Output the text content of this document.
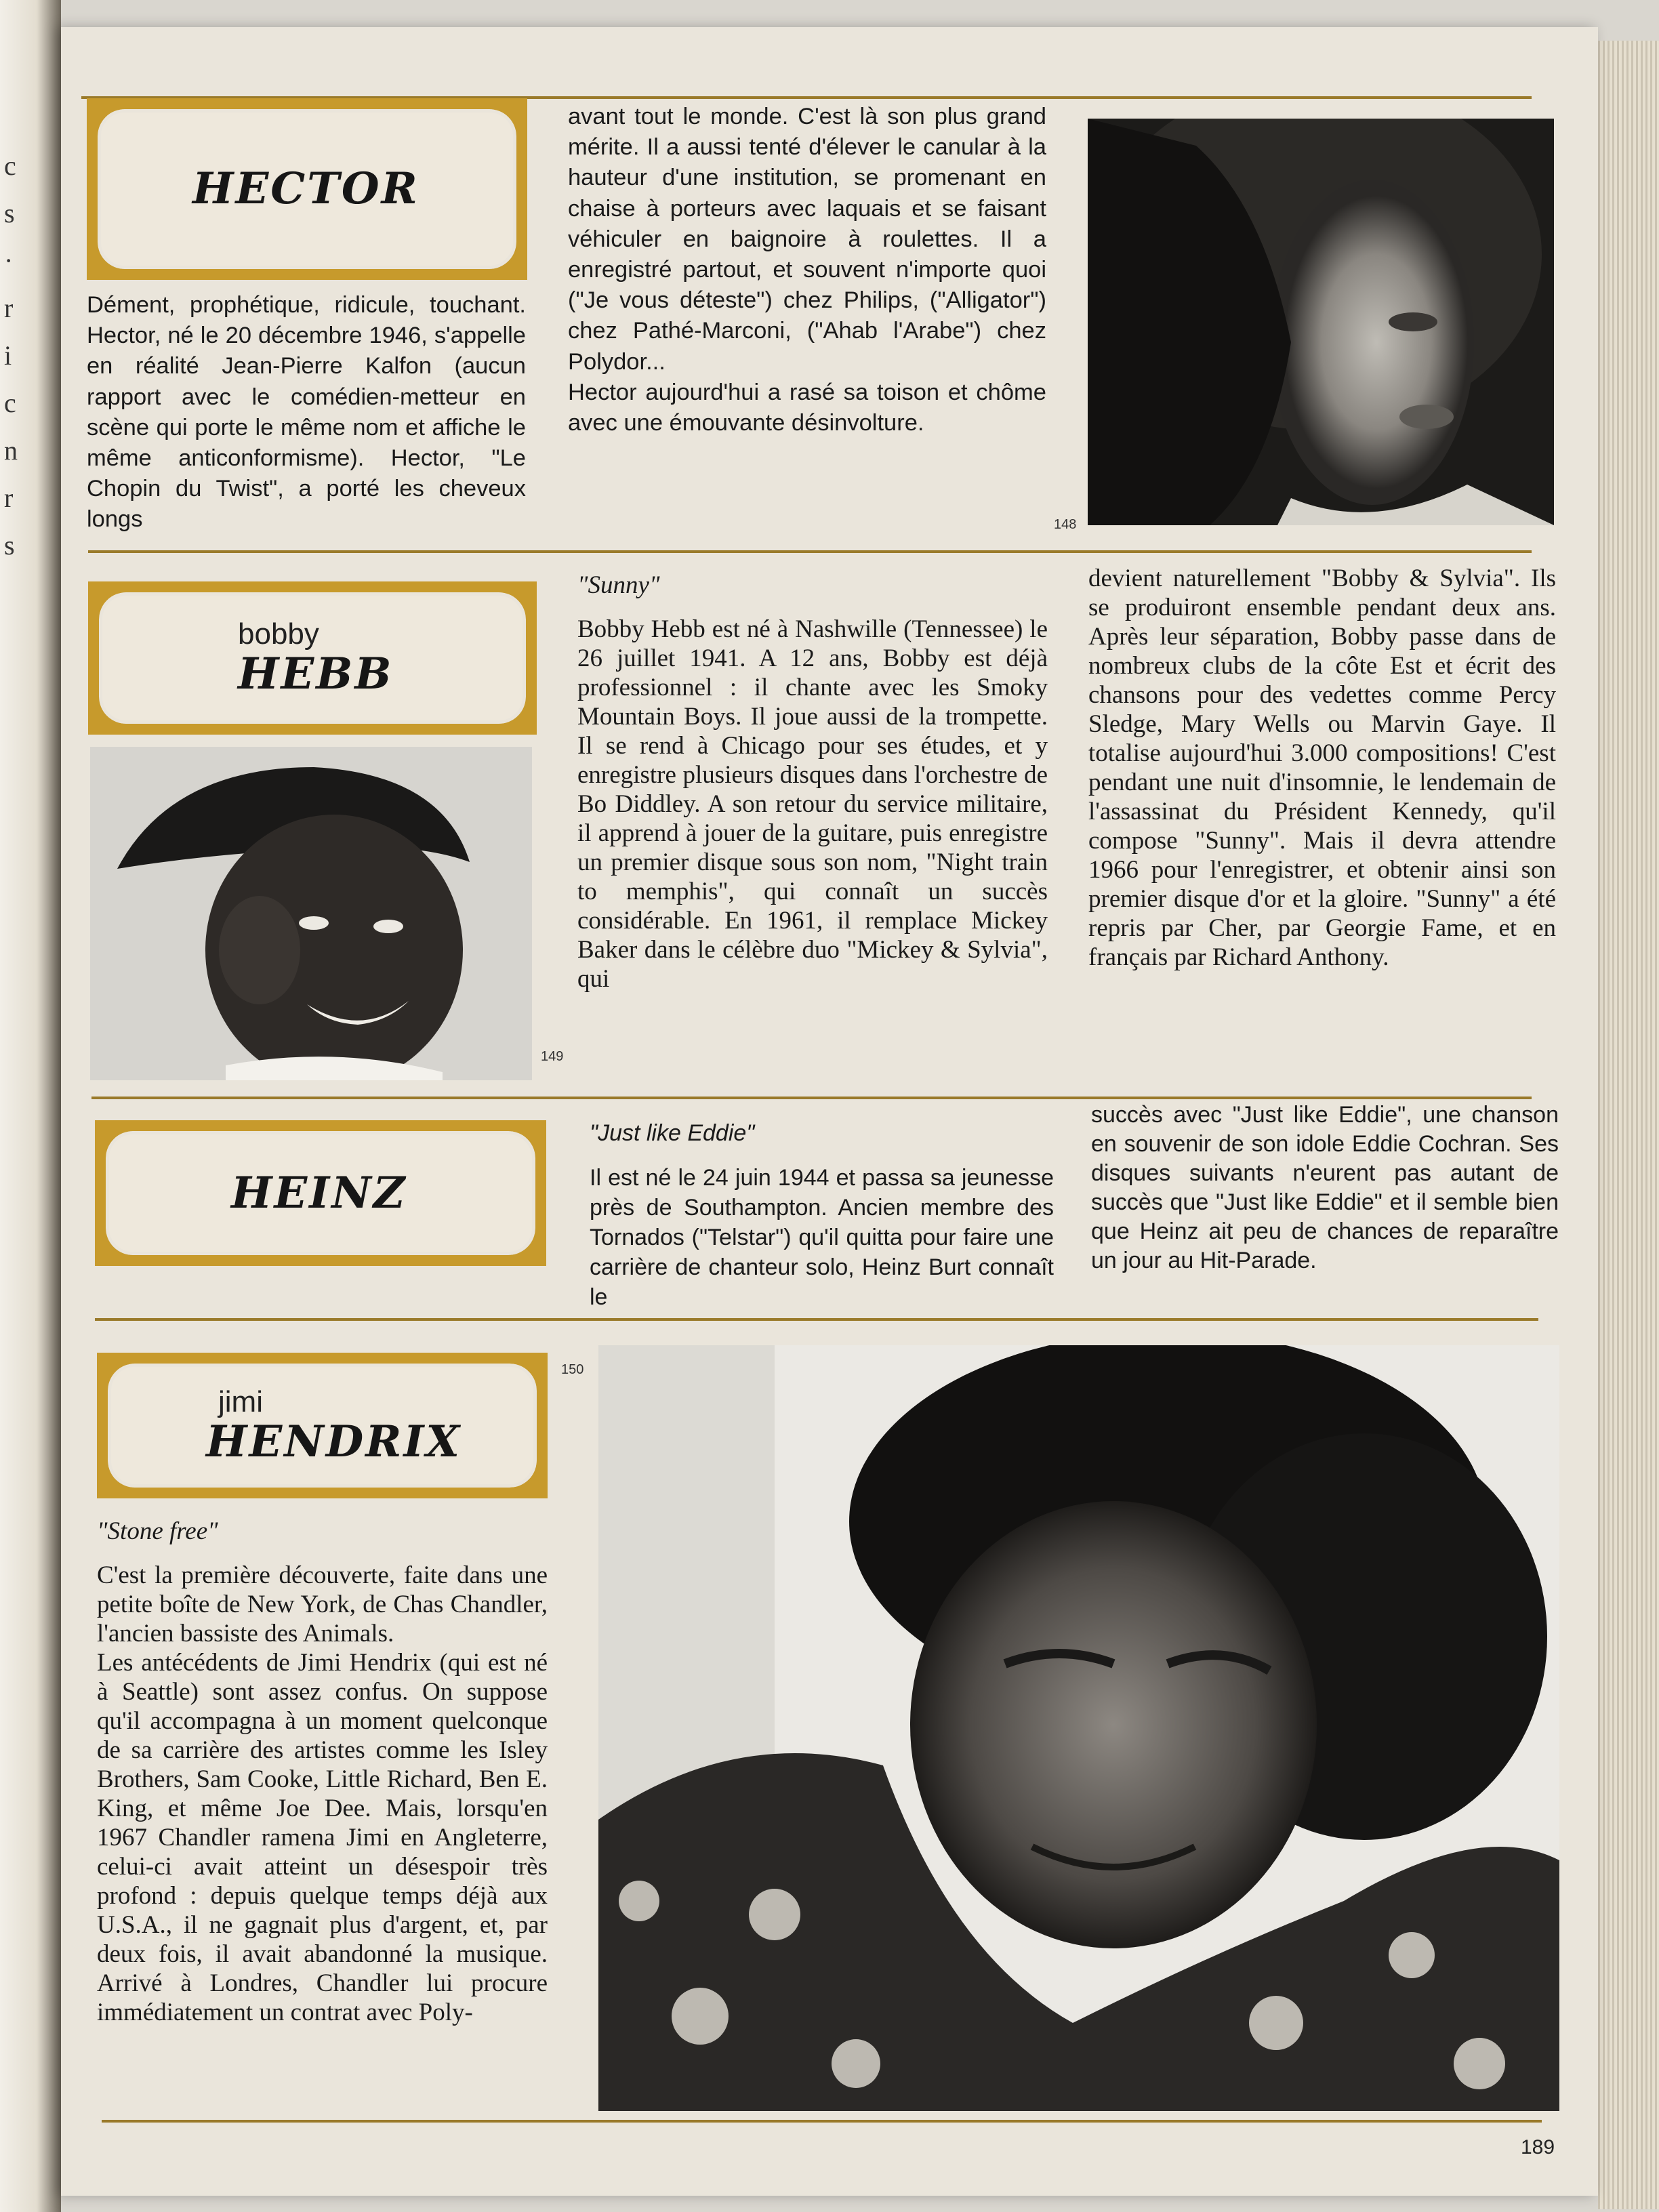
c
s
·
r
i
c
n
r
s
HECTOR

Dément, prophétique, ridicule, touchant. Hector, né le 20 décembre 1946, s'appelle en réalité Jean-Pierre Kalfon (aucun rapport avec le comédien-metteur en scène qui porte le même nom et affiche le même anticonformisme). Hector, "Le Chopin du Twist", a porté les cheveux longs

avant tout le monde. C'est là son plus grand mérite. Il a aussi tenté d'élever le canular à la hauteur d'une institution, se promenant en chaise à porteurs avec laquais et se faisant véhiculer en baignoire à roulettes. Il a enregistré partout, et souvent n'importe quoi ("Je vous déteste") chez Philips, ("Alligator") chez Pathé-Marconi, ("Ahab l'Arabe") chez Polydor...

Hector aujourd'hui a rasé sa toison et chôme avec une émouvante désinvolture.

148
bobby
HEBB
149

"Sunny"

Bobby Hebb est né à Nashwille (Tennessee) le 26 juillet 1941. A 12 ans, Bobby est déjà professionnel : il chante avec les Smoky Mountain Boys. Il joue aussi de la trompette. Il se rend à Chicago pour ses études, et y enregistre plusieurs disques dans l'orchestre de Bo Diddley. A son retour du service militaire, il apprend à jouer de la guitare, puis enregistre un premier disque sous son nom, "Night train to memphis", qui connaît un succès considérable. En 1961, il remplace Mickey Baker dans le célèbre duo "Mickey & Sylvia", qui

devient naturellement "Bobby & Sylvia". Ils se produiront ensemble pendant deux ans. Après leur séparation, Bobby passe dans de nombreux clubs de la côte Est et écrit des chansons pour des vedettes comme Percy Sledge, Mary Wells ou Marvin Gaye. Il totalise aujourd'hui 3.000 compositions! C'est pendant une nuit d'insomnie, le lendemain de l'assassinat du Président Kennedy, qu'il compose "Sunny". Mais il devra attendre 1966 pour l'enregistrer, et obtenir ainsi son premier disque d'or et la gloire. "Sunny" a été repris par Cher, par Georgie Fame, et en français par Richard Anthony.

HEINZ

"Just like Eddie"

Il est né le 24 juin 1944 et passa sa jeunesse près de Southampton. Ancien membre des Tornados ("Telstar") qu'il quitta pour faire une carrière de chanteur solo, Heinz Burt connaît le

succès avec "Just like Eddie", une chanson en souvenir de son idole Eddie Cochran. Ses disques suivants n'eurent pas autant de succès que "Just like Eddie" et il semble bien que Heinz ait peu de chances de reparaître un jour au Hit-Parade.

jimi
HENDRIX
150

"Stone free"

C'est la première découverte, faite dans une petite boîte de New York, de Chas Chandler, l'ancien bassiste des Animals.

Les antécédents de Jimi Hendrix (qui est né à Seattle) sont assez confus. On suppose qu'il accompagna à un moment quelconque de sa carrière des artistes comme les Isley Brothers, Sam Cooke, Little Richard, Ben E. King, et même Joe Dee. Mais, lorsqu'en 1967 Chandler ramena Jimi en Angleterre, celui-ci avait atteint un désespoir très profond : depuis quelque temps déjà aux U.S.A., il ne gagnait plus d'argent, et, par deux fois, il avait abandonné la musique. Arrivé à Londres, Chandler lui procure immédiatement un contrat avec Poly-

189
